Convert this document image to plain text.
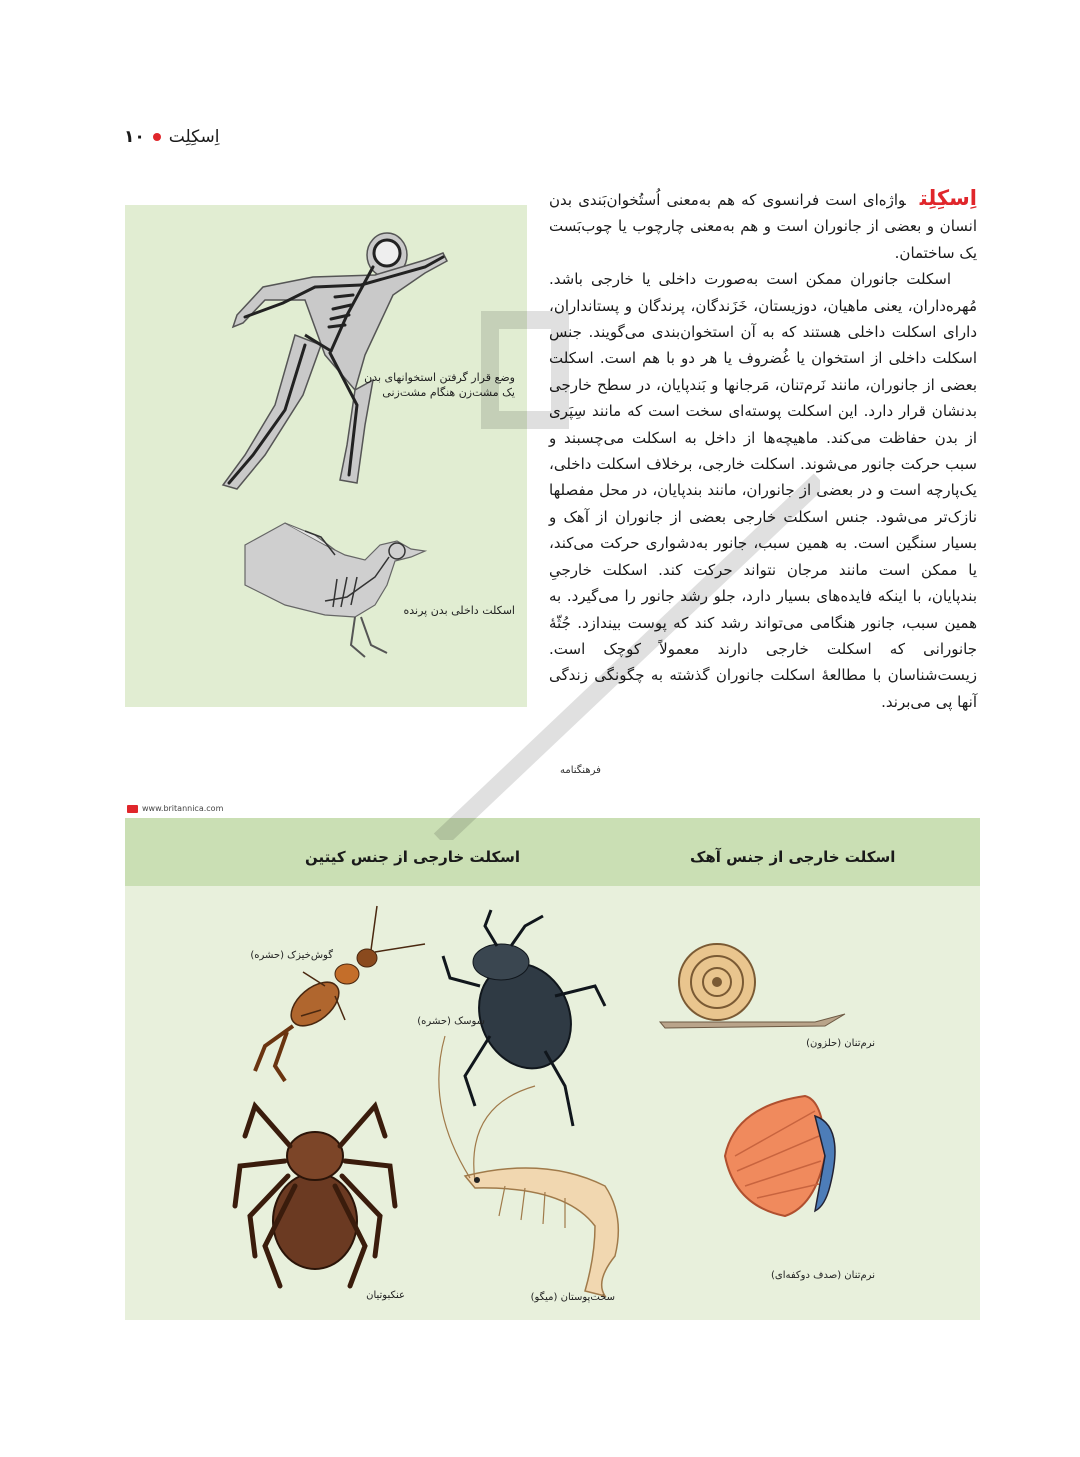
اِسکِلِت
۱۰
وضع قرار گرفتن استخوانهای بدن یک مشت‌زن هنگام مشت‌زنی
اسکلت داخلی بدن پرنده

اِسکِلِتواژه‌ای است فرانسوی که هم به‌معنی اُستُخوان‌بَندی بدن انسان و بعضی از جانوران است و هم به‌معنی چارچوب یا چوب‌بَست یک ساختمان.

اسکلت جانوران ممکن است به‌صورت داخلی یا خارجی باشد. مُهره‌داران، یعنی ماهیان، دوزیستان، خَزَندگان، پرندگان و پستانداران، دارای اسکلت داخلی هستند که به آن استخوان‌بندی می‌گویند. جنس اسکلت داخلی از استخوان یا غُضروف یا هر دو با هم است. اسکلت بعضی از جانوران، مانند نَرم‌تنان، مَرجانها و بَندپایان، در سطح خارجی بدنشان قرار دارد. این اسکلت پوسته‌ای سخت است که مانند سِپَری از بدن حفاظت می‌کند. ماهیچه‌ها از داخل به اسکلت می‌چسبند و سبب حرکت جانور می‌شوند. اسکلت خارجی، برخلاف اسکلت داخلی، یک‌پارچه است و در بعضی از جانوران، مانند بندپایان، در محل مفصلها نازک‌تر می‌شود. جنس اسکلت خارجی بعضی از جانوران از آهک و بسیار سنگین است. به همین سبب، جانور به‌دشواری حرکت می‌کند، یا ممکن است مانند مرجان نتواند حرکت کند. اسکلت خارجیِ بندپایان، با اینکه فایده‌های بسیار دارد، جلو رشد جانور را می‌گیرد. به همین سبب، جانور هنگامی می‌تواند رشد کند که پوست بیندازد. جُثّهٔ جانورانی که اسکلت خارجی دارند معمولاً کوچک است. زیست‌شناسان با مطالعهٔ اسکلت جانوران گذشته به چگونگی زندگی آنها پی می‌برند.

فرهنگنامه
www.britannica.com
اسکلت خارجی از جنس آهک
اسکلت خارجی از جنس کیتین
نرم‌تنان (حلزون)
نرم‌تنان (صدف دوکفه‌ای)
گوش‌خیزک (حشره)
سوسک (حشره)
سخت‌پوستان (میگو)
عنکبوتیان
